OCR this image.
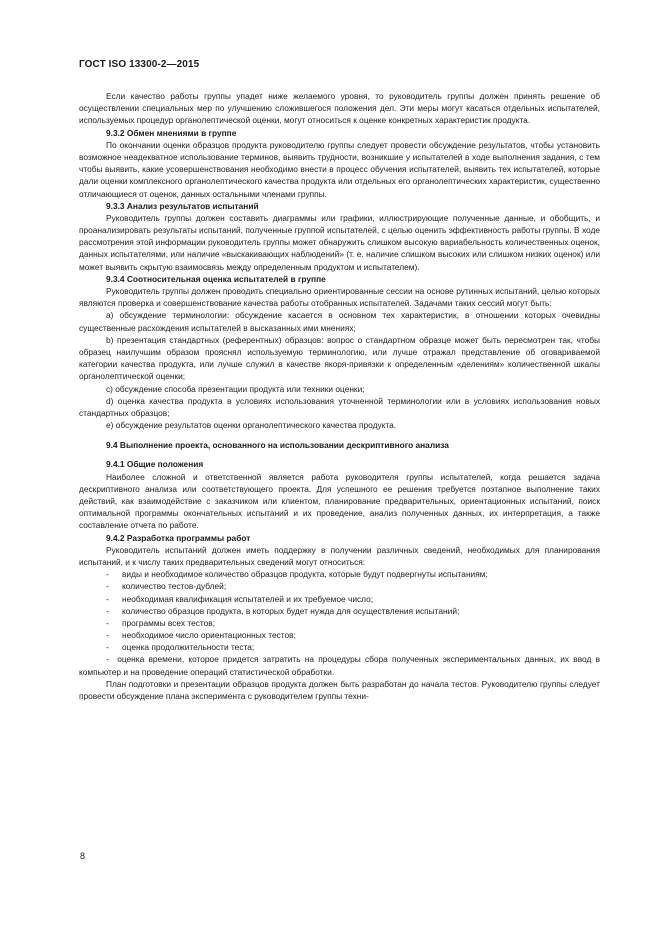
ГОСТ ISO 13300-2—2015

Если качество работы группы упадет ниже желаемого уровня, то руководитель группы должен принять решение об осуществлении специальных мер по улучшению сложившегося положения дел. Эти меры могут касаться отдельных испытателей, используемых процедур органолептической оценки, могут относиться к оценке конкретных характеристик продукта.

9.3.2 Обмен мнениями в группе

По окончании оценки образцов продукта руководителю группы следует провести обсуждение результатов, чтобы установить возможное неадекватное использование терминов, выявить трудности, возникшие у испытателей в ходе выполнения задания, с тем чтобы выявить, какие усовершенствования необходимо внести в процесс обучения испытателей, выявить тех испытателей, которые дали оценки комплексного органолептического качества продукта или отдельных его органолептических характеристик, существенно отличающиеся от оценок, данных остальными членами группы.

9.3.3 Анализ результатов испытаний

Руководитель группы должен составить диаграммы или графики, иллюстрирующие полученные данные, и обобщить, и проанализировать результаты испытаний, полученные группой испытателей, с целью оценить эффективность работы группы. В ходе рассмотрения этой информации руководитель группы может обнаружить слишком высокую вариабельность количественных оценок, данных испытателями, или наличие «выскакивающих наблюдений» (т. е. наличие слишком высоких или слишком низких оценок) или может выявить скрытую взаимосвязь между определенным продуктом и испытателем).

9.3.4 Соотносительная оценка испытателей в группе

Руководитель группы должен проводить специально ориентированные сессии на основе рутинных испытаний, целью которых являются проверка и совершенствование качества работы отобранных испытателей. Задачами таких сессий могут быть:

a) обсуждение терминологии: обсуждение касается в основном тех характеристик, в отношении которых очевидны существенные расхождения испытателей в высказанных ими мнениях;

b) презентация стандартных (референтных) образцов: вопрос о стандартном образце может быть пересмотрен так, чтобы образец наилучшим образом прояснял используемую терминологию, или лучше отражал представление об оговариваемой категории качества продукта, или лучше служил в качестве якоря-привязки к определенным «делениям» количественной шкалы органолептической оценки;

c) обсуждение способа презентации продукта или техники оценки;

d) оценка качества продукта в условиях использования уточненной терминологии или в условиях использования новых стандартных образцов;

e) обсуждение результатов оценки органолептического качества продукта.

9.4 Выполнение проекта, основанного на использовании дескриптивного анализа

9.4.1 Общие положения

Наиболее сложной и ответственной является работа руководителя группы испытателей, когда решается задача дескриптивного анализа или соответствующего проекта. Для успешного ее решения требуется поэтапное выполнение таких действий, как взаимодействие с заказчиком или клиентом, планирование предварительных, ориентационных испытаний, поиск оптимальной программы окончательных испытаний и их проведение, анализ полученных данных, их интерпретация, а также составление отчета по работе.

9.4.2 Разработка программы работ

Руководитель испытаний должен иметь поддержку в получении различных сведений, необходимых для планирования испытаний, и к числу таких предварительных сведений могут относиться:

- виды и необходимое количество образцов продукта, которые будут подвергнуты испытаниям;

- количество тестов-дублей;

- необходимая квалификация испытателей и их требуемое число;

- количество образцов продукта, в которых будет нужда для осуществления испытаний;

- программы всех тестов;

- необходимое число ориентационных тестов;

- оценка продолжительности теста;

-  оценка времени, которое придется затратить на процедуры сбора полученных экспериментальных данных, их ввод в компьютер и на проведение операций статистической обработки.

План подготовки и презентации образцов продукта должен быть разработан до начала тестов. Руководителю группы следует провести обсуждение плана эксперимента с руководителем группы техни-

8
